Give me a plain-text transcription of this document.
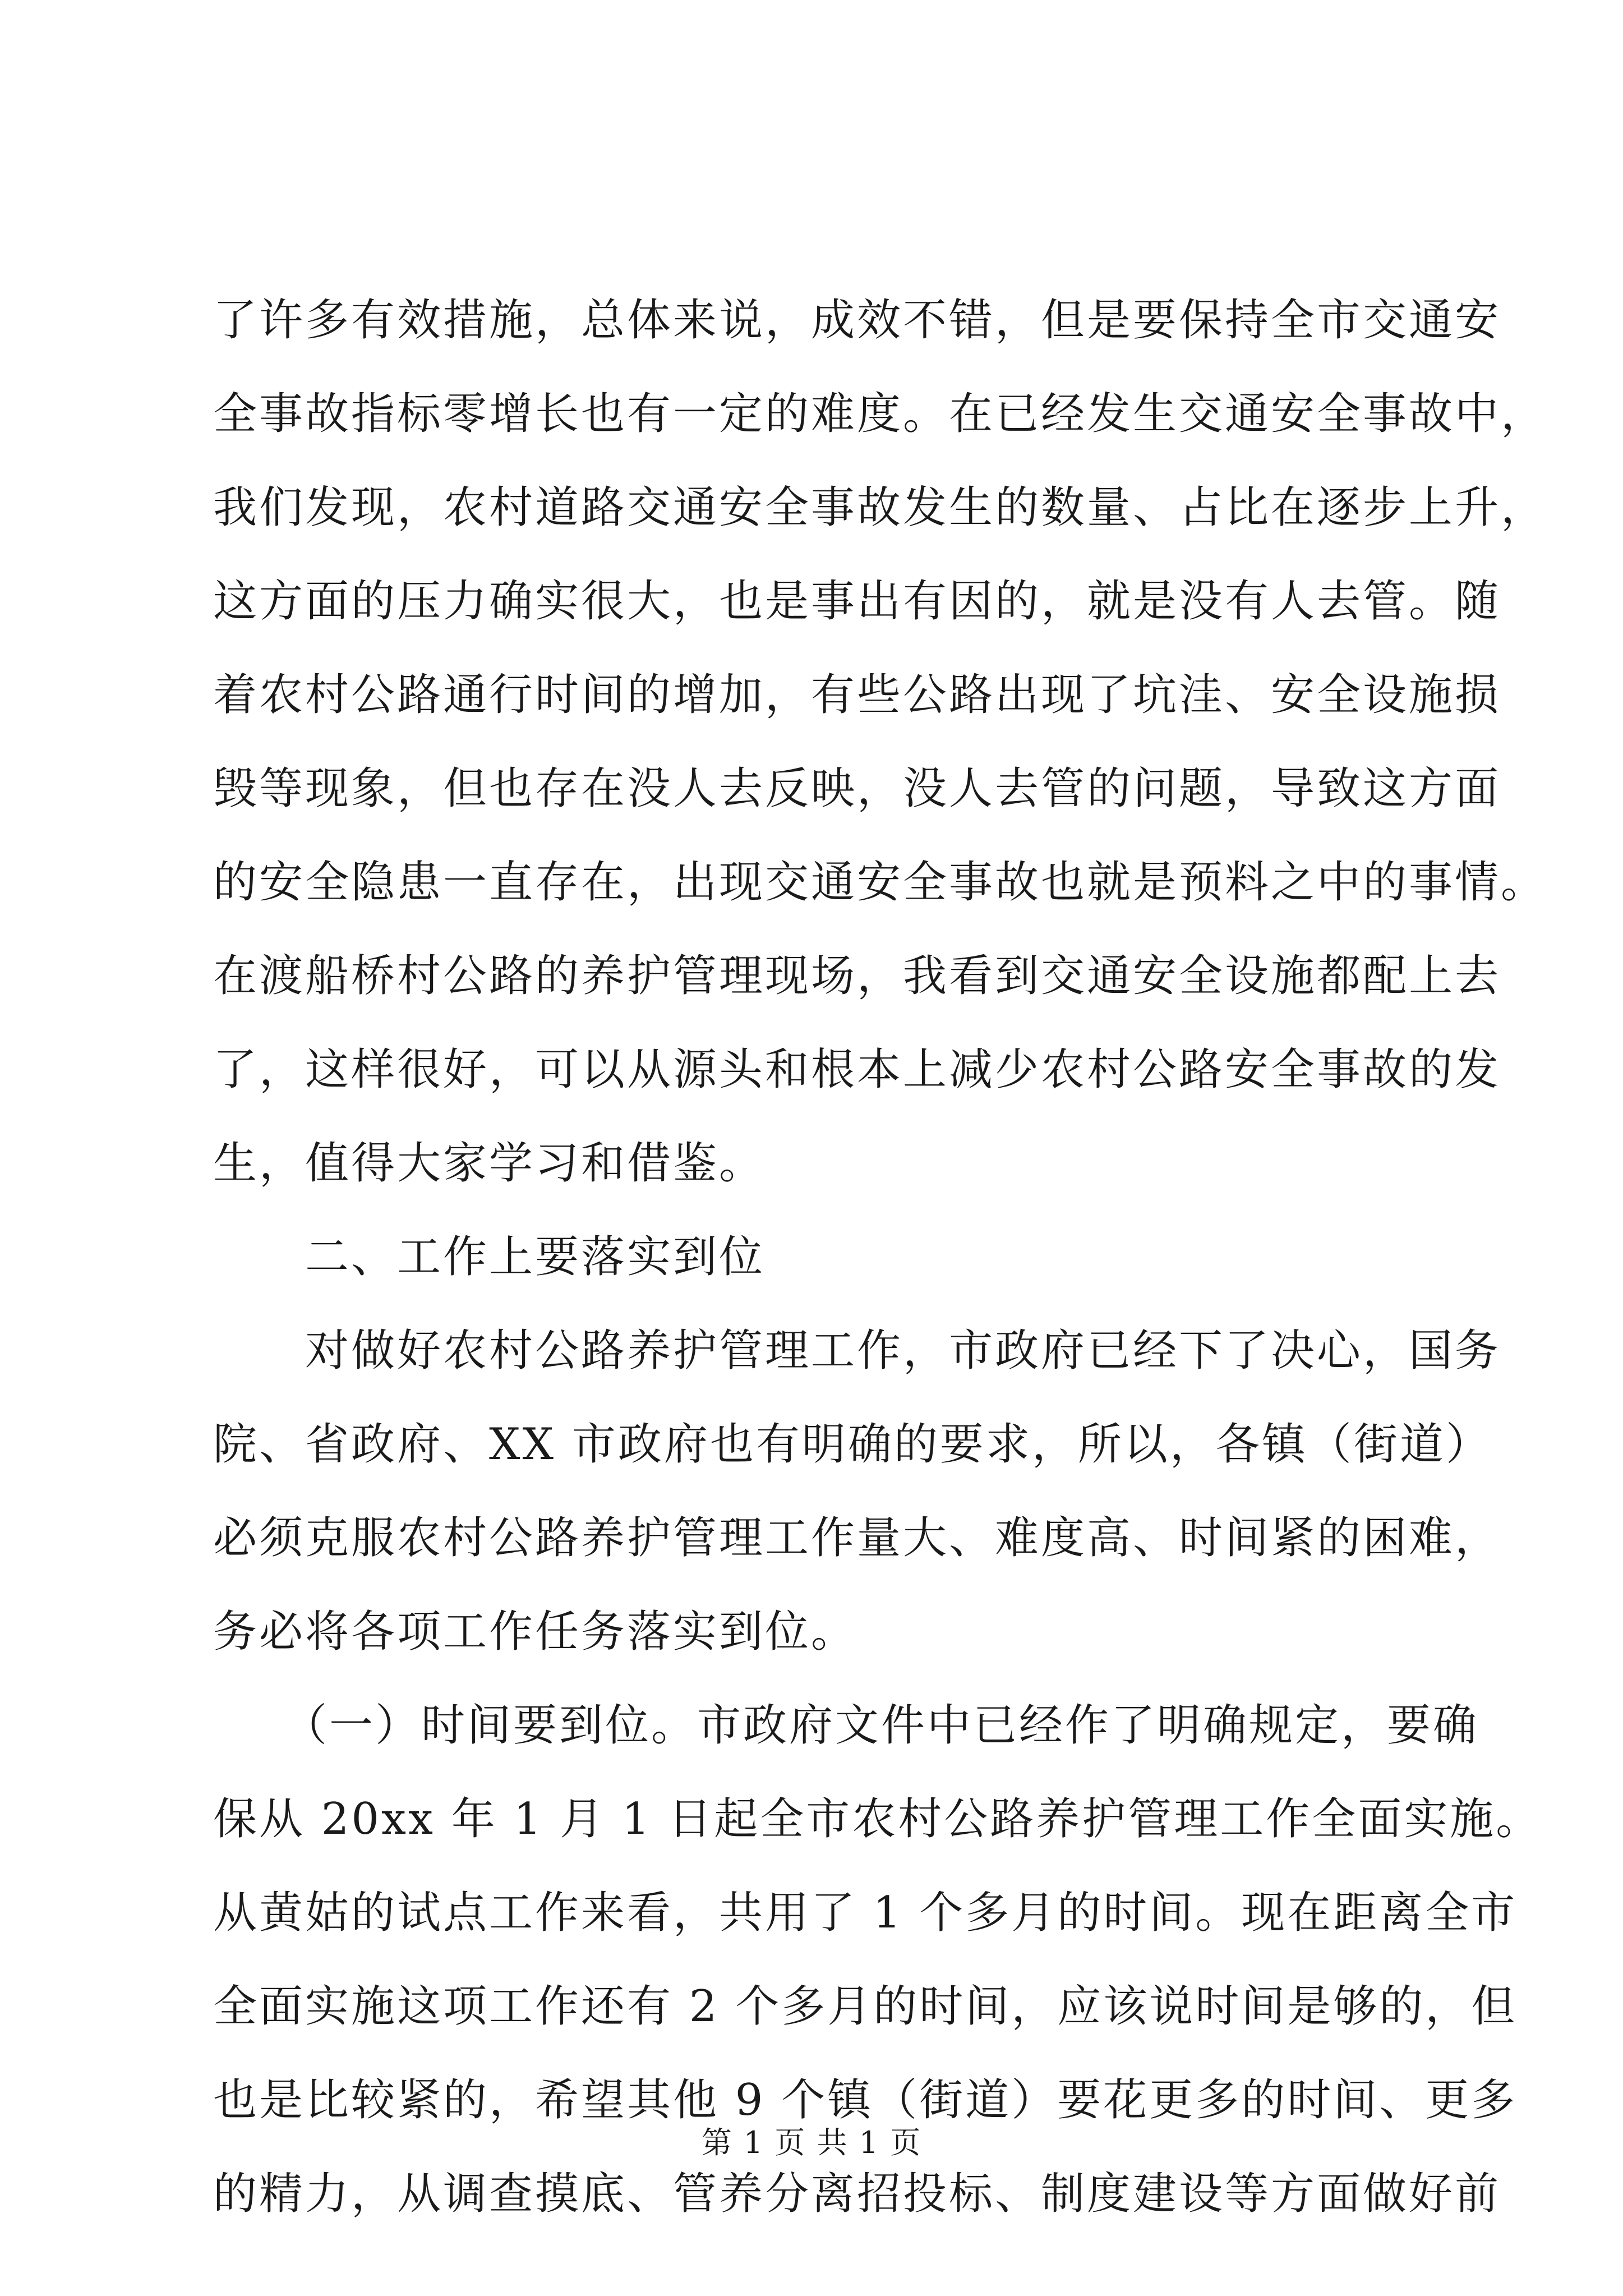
了许多有效措施，总体来说，成效不错，但是要保持全市交通安
全事故指标零增长也有一定的难度。在已经发生交通安全事故中，
我们发现，农村道路交通安全事故发生的数量、占比在逐步上升，
这方面的压力确实很大，也是事出有因的，就是没有人去管。随
着农村公路通行时间的增加，有些公路出现了坑洼、安全设施损
毁等现象，但也存在没人去反映，没人去管的问题，导致这方面
的安全隐患一直存在，出现交通安全事故也就是预料之中的事情。
在渡船桥村公路的养护管理现场，我看到交通安全设施都配上去
了，这样很好，可以从源头和根本上减少农村公路安全事故的发
生，值得大家学习和借鉴。
　　二、工作上要落实到位
　　对做好农村公路养护管理工作，市政府已经下了决心，国务
院、省政府、XX 市政府也有明确的要求，所以，各镇（街道）
必须克服农村公路养护管理工作量大、难度高、时间紧的困难，
务必将各项工作任务落实到位。
　　（一）时间要到位。市政府文件中已经作了明确规定，要确
保从 20xx 年 1 月 1 日起全市农村公路养护管理工作全面实施。
从黄姑的试点工作来看，共用了 1 个多月的时间。现在距离全市
全面实施这项工作还有 2 个多月的时间，应该说时间是够的，但
也是比较紧的，希望其他 9 个镇（街道）要花更多的时间、更多
的精力，从调查摸底、管养分离招投标、制度建设等方面做好前
第 1 页 共 1 页
